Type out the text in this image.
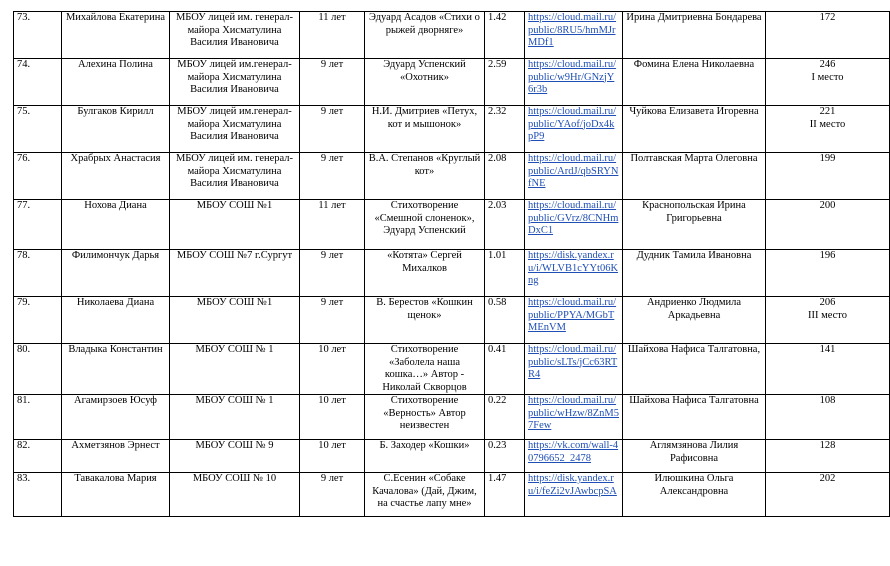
73.	Михайлова Екатерина	МБОУ лицей им. генерал-майора Хисматулина Василия Ивановича	11 лет	Эдуард Асадов «Стихи о рыжей дворняге»	1.42	https://cloud.mail.ru/public/8RU5/hmMJrMDf1	Ирина Дмитриевна Бондарева	172

74.	Алехина Полина	МБОУ лицей им.генерал-майора Хисматулина Василия Ивановича	9 лет	Эдуард Успенский «Охотник»	2.59	https://cloud.mail.ru/public/w9Hr/GNzjY6r3b	Фомина Елена Николаевна	246
I место

75.	Булгаков Кирилл	МБОУ лицей им.генерал-майора Хисматулина Василия Ивановича	9 лет	Н.И. Дмитриев «Петух, кот и мышонок»	2.32	https://cloud.mail.ru/public/YAof/joDx4kpP9	Чуйкова Елизавета Игоревна	221
II место

76.	Храбрых Анастасия	МБОУ лицей им. генерал-майора Хисматулина Василия Ивановича	9 лет	В.А. Степанов «Круглый кот»	2.08	https://cloud.mail.ru/public/ArdJ/qbSRYNfNE	Полтавская Марта Олеговна	199

77.	Нохова Диана	МБОУ СОШ №1	11 лет	Стихотворение «Смешной слоненок», Эдуард Успенский	2.03	https://cloud.mail.ru/public/GVrz/8CNHmDxC1	Краснопольская Ирина Григорьевна	200

78.	Филимончук Дарья	МБОУ СОШ №7 г.Сургут	9 лет	«Котята» Сергей Михалков	1.01	https://disk.yandex.ru/i/WLVB1cYYt06Kng	Дудник Тамила Ивановна	196

79.	Николаева Диана	МБОУ СОШ №1	9 лет	В. Берестов «Кошкин щенок»	0.58	https://cloud.mail.ru/public/PPYA/MGbTMEnVM	Андриенко Людмила Аркадьевна	206
III место

80.	Владыка Константин	МБОУ СОШ № 1	10 лет	Стихотворение «Заболела наша кошка…» Автор - Николай Скворцов	0.41	https://cloud.mail.ru/public/sLTs/jCc63RTR4	Шайхова Нафиса Талгатовна,	141

81.	Агамирзоев Юсуф	МБОУ СОШ № 1	10 лет	Стихотворение «Верность» Автор неизвестен	0.22	https://cloud.mail.ru/public/wHzw/8ZnM57Few	Шайхова Нафиса Талгатовна	108

82.	Ахметзянов Эрнест	МБОУ СОШ № 9	10 лет	Б. Заходер «Кошки»	0.23	https://vk.com/wall-40796652_2478	Аглямзянова Лилия Рафисовна	128

83.	Тавакалова Мария	МБОУ СОШ № 10	9 лет	С.Есенин «Собаке Качалова» (Дай, Джим, на счастье лапу мне»	1.47	https://disk.yandex.ru/i/feZi2vJAwbcpSA	Илюшкина Ольга Александровна	202
